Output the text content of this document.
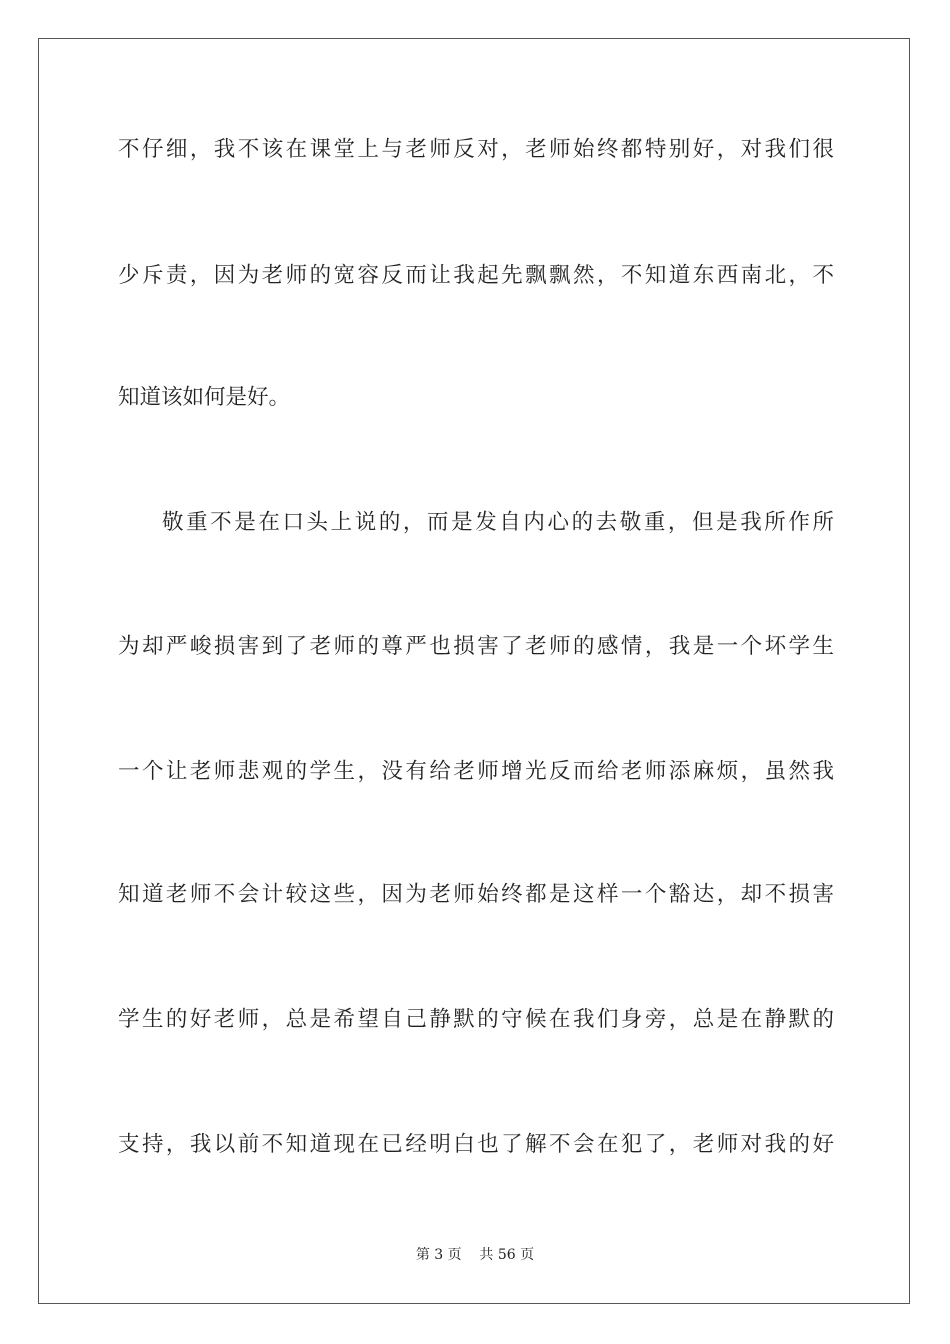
不仔细，我不该在课堂上与老师反对，老师始终都特别好，对我们很
少斥责，因为老师的宽容反而让我起先飘飘然，不知道东西南北，不
知道该如何是好。
敬重不是在口头上说的，而是发自内心的去敬重，但是我所作所
为却严峻损害到了老师的尊严也损害了老师的感情，我是一个坏学生
一个让老师悲观的学生，没有给老师增光反而给老师添麻烦，虽然我
知道老师不会计较这些，因为老师始终都是这样一个豁达，却不损害
学生的好老师，总是希望自己静默的守候在我们身旁，总是在静默的
支持，我以前不知道现在已经明白也了解不会在犯了，老师对我的好
第 3 页    共 56 页
